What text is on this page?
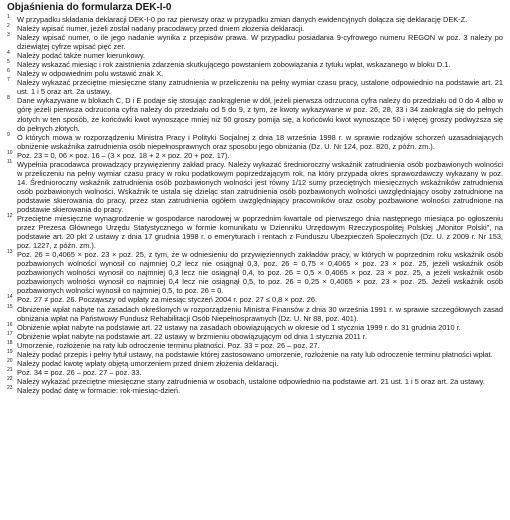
Objaśnienia do formularza DEK-I-0
1 W przypadku składania deklaracji DEK-I-0 po raz pierwszy oraz w przypadku zmian danych ewidencyjnych dołącza się deklarację DEK-Z.
2 Należy wpisać numer, jeżeli został nadany pracodawcy przed dniem złożenia deklaracji.
3 Należy wpisać numer, o ile jego nadanie wynika z przepisów prawa. W przypadku posiadania 9-cyfrowego numeru REGON w poz. 3 należy po dziewiątej cyfrze wpisać pięć zer.
4 Należy podać także numer kierunkowy.
5 Należy wskazać miesiąc i rok zaistnienia zdarzenia skutkującego powstaniem zobowiązania z tytułu wpłat, wskazanego w bloku D.1.
6 Należy w odpowiednim polu wstawić znak X.
7 Należy wykazać przeciętne miesięczne stany zatrudnienia w przeliczeniu na pełny wymiar czasu pracy, ustalone odpowiednio na podstawie art. 21 ust. 1 i 5 oraz art. 2a ustawy.
8 Dane wykazywane w blokach C, D i E podaje się stosując zaokrąglenie w dół, jeżeli pierwsza odrzucona cyfra należy do przedziału od 0 do 4 albo w górę jeżeli pierwsza odrzucona cyfra należy do przedziału od 5 do 9, z tym, że kwoty wykazywane w poz. 26, 28, 33 i 34 zaokrągla się do pełnych złotych w ten sposób, że końcówki kwot wynoszące mniej niż 50 groszy pomija się, a końcówki kwot wynoszące 50 i więcej groszy podwyższa się do pełnych złotych.
9 O których mowa w rozporządzeniu Ministra Pracy i Polityki Socjalnej z dnia 18 września 1998 r. w sprawie rodzajów schorzeń uzasadniających obniżenie wskaźnika zatrudnienia osób niepełnosprawnych oraz sposobu jego obniżania (Dz. U. Nr 124, poz. 820, z późn. zm.).
10 Poz. 23 = 0, 06 × poz. 16 – (3 × poz. 18 + 2 × poz. 20 + poz. 17).
11 Wypełnia pracodawca prowadzący przywięzienny zakład pracy. Należy wykazać średnioroczny wskaźnik zatrudnienia osób pozbawionych wolności w przeliczeniu na pełny wymiar czasu pracy w roku podatkowym poprzedzającym rok, na który przypada okres sprawozdawczy wykazany w poz. 14. Średnioroczny wskaźnik zatrudnienia osób pozbawionych wolności jest równy 1/12 sumy przeciętnych miesięcznych wskaźników zatrudnienia osób pozbawionych wolności. Wskaźnik te ustala się dzieląc stan zatrudnienia osób pozbawionych wolności uwzględniający osoby zatrudnione na podstawie skierowania do pracy, przez stan zatrudnienia ogółem uwzględniający pracowników oraz osoby pozbawione wolności zatrudnione na podstawie skierowania do pracy.
12 Przeciętne miesięczne wynagrodzenie w gospodarce narodowej w poprzednim kwartale od pierwszego dnia następnego miesiąca po ogłoszeniu przez Prezesa Głównego Urzędu Statystycznego w formie komunikatu w Dzienniku Urzędowym Rzeczypospolitej Polskiej „Monitor Polski", na podstawie art. 20 pkt 2 ustawy z dnia 17 grudnia 1998 r. o emeryturach i rentach z Funduszu Ubezpieczeń Społecznych (Dz. U. z 2009 r. Nr 153, poz. 1227, z późn. zm.).
13 Poz. 26 = 0,4065 × poz. 23 × poz. 25, z tym, że w odniesieniu do przywięziennych zakładów pracy, w których w poprzednim roku wskaźnik osób pozbawionych wolności wynosił co najmniej 0,2 lecz nie osiągnął 0,3, poz. 26 = 0,75 × 0,4065 × poz. 23 × poz. 25, jeżeli wskaźnik osób pozbawionych wolności wynosił co najmniej 0,3 lecz nie osiągnął 0,4, to poz. 26 = 0,5 × 0,4065 × poz. 23 × poz. 25, a jeżeli wskaźnik osób pozbawionych wolności wynosił co najmniej 0,4 lecz nie osiągnął 0,5, to poz. 26 = 0,25 × 0,4065 × poz. 23 × poz. 25. Jeżeli wskaźnik osób pozbawionych wolności wynosił co najmniej 0,5, to poz. 26 = 0.
14 Poz. 27 ≠ poz. 26. Począwszy od wpłaty za miesiąc styczeń 2004 r. poz. 27 ≤ 0,8 × poz. 26.
15 Obniżenie wpłat nabyte na zasadach określonych w rozporządzeniu Ministra Finansów z dnia 30 września 1991 r. w sprawie szczegółowych zasad obniżania wpłat na Państwowy Fundusz Rehabilitacji Osób Niepełnosprawnych (Dz. U. Nr 88, poz. 401).
16 Obniżenie wpłat nabyte na podstawie art. 22 ustawy na zasadach obowiązujących w okresie od 1 stycznia 1999 r. do 31 grudnia 2010 r.
17 Obniżenie wpłat nabyte na podstawie art. 22 ustawy w brzmieniu obowiązującym od dnia 1 stycznia 2011 r.
18 Umorzenie, rozłożenie na raty lub odroczenie terminu płatności. Poz. 33 = poz. 26 – poz. 27.
19 Należy podać przepis i pełny tytuł ustawy, na podstawie której zastosowano umorzenie, rozłożenie na raty lub odroczenie terminu płatności wpłat.
20 Należy podać kwotę wpłaty objętą umorzeniem przed dniem złożenia deklaracji.
21 Poz. 34 = poz. 26 – poz. 27 – poz. 33.
22 Należy wykazać przeciętne miesięczne stany zatrudnienia w osobach, ustalone odpowiednio na podstawie art. 21 ust. 1 i 5 oraz art. 2a ustawy.
23 Należy podać datę w formacie: rok-miesiąc-dzień.
